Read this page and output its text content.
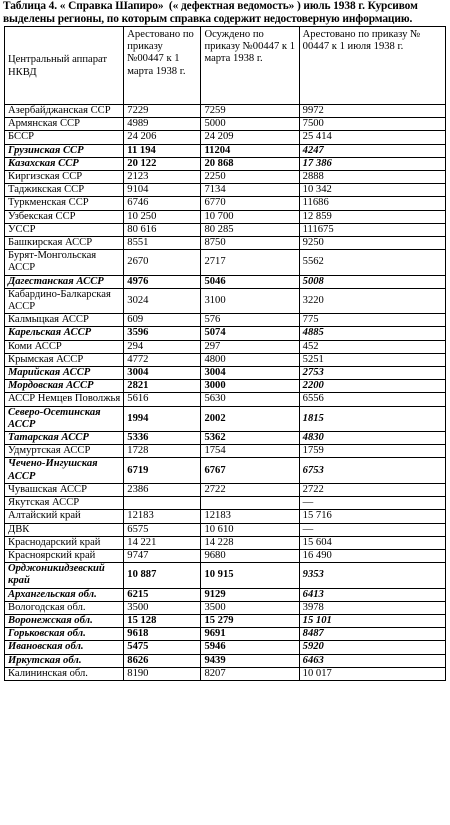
Таблица 4. « Справка Шапиро»  (« дефектная ведомость» ) июль 1938 г. Курсивом выделены регионы, по которым справка содержит недостоверную информацию.
Центральный аппарат НКВД	Арестовано по приказу №00447 к 1 марта 1938 г.	Осуждено по приказу №00447 к 1 марта 1938 г.	Арестовано по приказу № 00447 к 1 июля 1938 г.
Азербайджанская ССР	7229	7259	9972
Армянская ССР	4989	5000	7500
БССР	24 206	24 209	25 414
Грузинская ССР	11 194	11204	4247
Казахская ССР	20 122	20 868	17 386
Киргизская ССР	2123	2250	2888
Таджикская ССР	9104	7134	10 342
Туркменская ССР	6746	6770	11686
Узбекская ССР	10 250	10 700	12 859
УССР	80 616	80 285	111675
Башкирская АССР	8551	8750	9250
Бурят-Монгольская АССР	2670	2717	5562
Дагестанская АССР	4976	5046	5008
Кабардино-Балкарская АССР	3024	3100	3220
Калмыцкая АССР	609	576	775
Карельская АССР	3596	5074	4885
Коми АССР	294	297	452
Крымская АССР	4772	4800	5251
Марийская АССР	3004	3004	2753
Мордовская АССР	2821	3000	2200
АССР Немцев Поволжья	5616	5630	6556
Северо-Осетинская АССР	1994	2002	1815
Татарская АССР	5336	5362	4830
Удмуртская АССР	1728	1754	1759
Чечено-Ингушская АССР	6719	6767	6753
Чувашская АССР	2386	2722	2722
Якутская АССР			—
Алтайский край	12183	12183	15 716
ДВК	6575	10 610	—
Краснодарский край	14 221	14 228	15 604
Красноярский край	9747	9680	16 490
Орджоникидзевский край	10 887	10 915	9353
Архангельская обл.	6215	9129	6413
Вологодская обл.	3500	3500	3978
Воронежская обл.	15 128	15 279	15 101
Горьковская обл.	9618	9691	8487
Ивановская обл.	5475	5946	5920
Иркутская обл.	8626	9439	6463
Калининская обл.	8190	8207	10 017
